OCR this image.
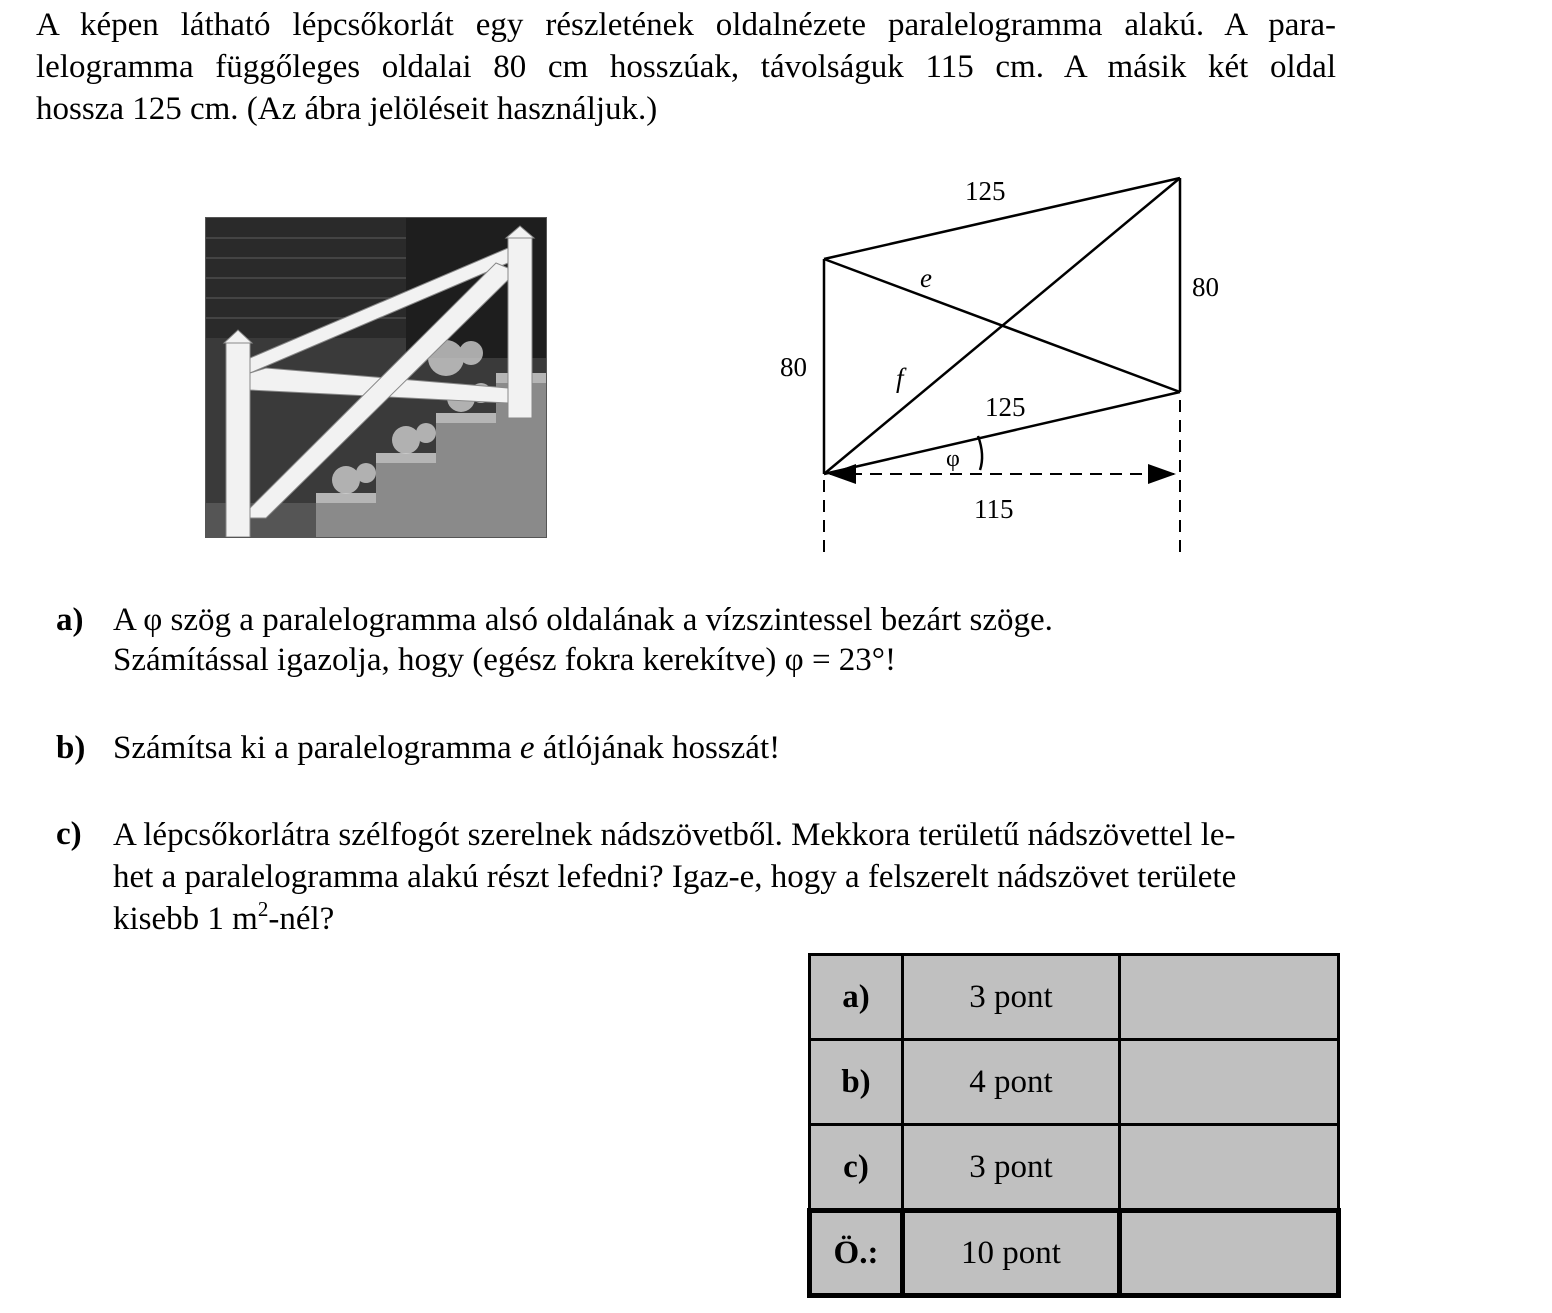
A képen látható lépcsőkorlát egy részletének oldalnézete paralelogramma alakú. A para-
lelogramma függőleges oldalai 80 cm hosszúak, távolságuk 115 cm. A másik két oldal
hossza 125 cm. (Az ábra jelöléseit használjuk.)
125
80
80
125
115
e
f
φ
a) A φ szög a paralelogramma alsó oldalának a vízszintessel bezárt szöge.
Számítással igazolja, hogy (egész fokra kerekítve) φ = 23°!
b) Számítsa ki a paralelogramma e átlójának hosszát!
c) A lépcsőkorlátra szélfogót szerelnek nádszövetből. Mekkora területű nádszövettel le-
het a paralelogramma alakú részt lefedni? Igaz-e, hogy a felszerelt nádszövet területe
kisebb 1 $m^2$-nél?
a)	3 pont	
b)	4 pont	
c)	3 pont	
Ö.:	10 pont	
